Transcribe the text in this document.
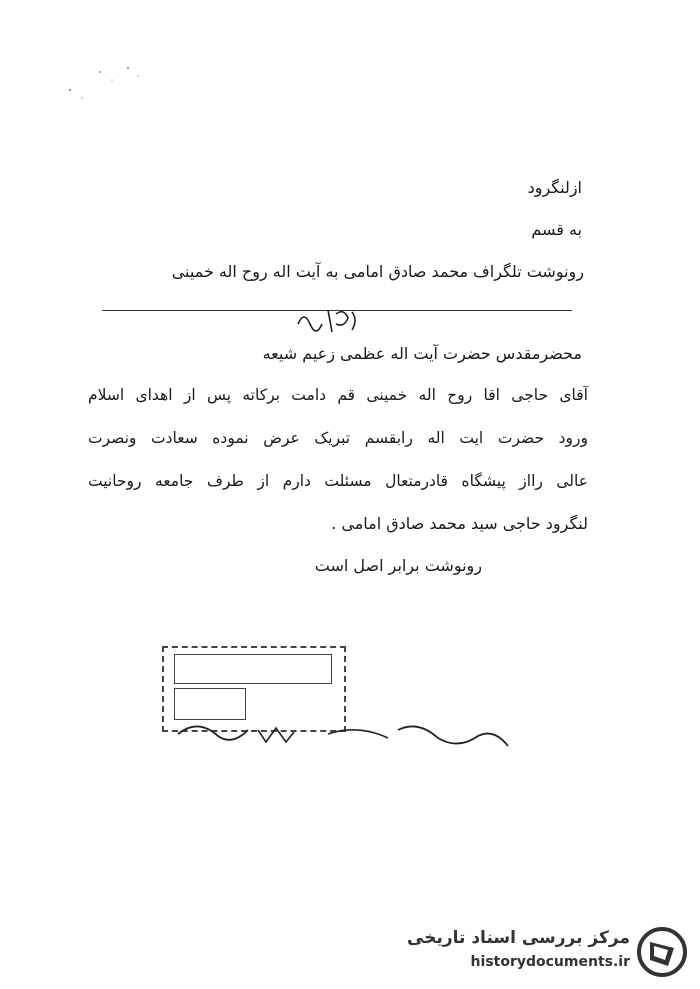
ازلنگرود
به قسم
رونوشت تلگراف محمد صادق امامی به آیت اله روح اله خمینی
محضرمقدس حضرت آیت اله عظمی زعیم شیعه
آقای حاجی اقا روح اله خمینی قم دامت برکاته پس از اهدای اسلام
ورود حضرت ایت اله رابقسم تبریک عرض نموده سعادت ونصرت
عالی رااز پیشگاه قادرمتعال مسئلت دارم از طرف جامعه روحانیت
لنگرود حاجی سید محمد صادق امامی .
رونوشت برابر اصل است
مرکز بررسی اسناد تاریخی
historydocuments.ir
